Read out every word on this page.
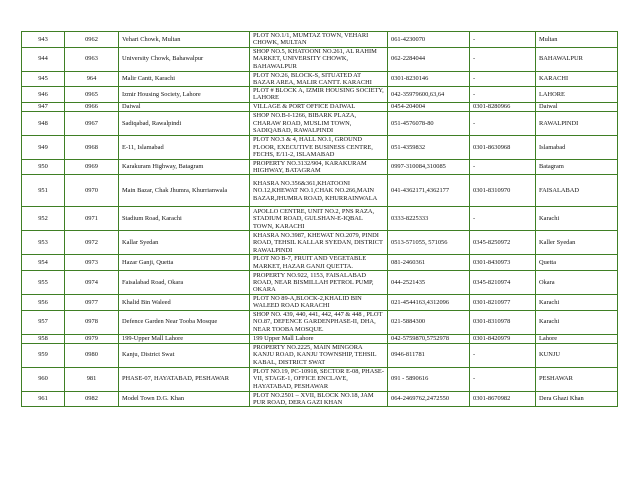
943	0962	Vehari Chowk, Multan	PLOT NO.1/1, MUMTAZ TOWN, VEHARI CHOWK, MULTAN	061-4230070	-	Multan
944	0963	University Chowk, Bahawalpur	SHOP NO.5, KHATOONI NO.261, AL RAHIM MARKET, UNIVERSITY CHOWK, BAHAWALPUR	062-2284044	-	BAHAWALPUR
945	964	Malir Cantt, Karachi	PLOT NO.26, BLOCK-S, SITUATED AT BAZAR AREA, MALIR CANTT. KARACHI	0301-8230146	-	KARACHI
946	0965	Izmir Housing Society, Lahore	PLOT # BLOCK A, IZMIR HOUSING SOCIETY, LAHORE	042-35979600,63,64	-	LAHORE
947	0966	Daiwal	VILLAGE & PORT OFFICE DAIWAL	0454-204004	0301-8280966	Daiwal
948	0967	Sadiqabad, Rawalpindi	SHOP NO.B-I-1266, BIBARK PLAZA, CHARAW ROAD, MUSLIM TOWN, SADIQABAD, RAWALPINDI	051-4576078-80	-	RAWALPINDI
949	0968	E-11, Islamabad	PLOT NO.3 & 4, HALL NO.1, GROUND FLOOR, EXECUTIVE BUSINESS CENTRE, FECHS, E/11-2, ISLAMABAD	051-4359832	0301-8630968	Islamabad
950	0969	Karakuram Highway, Batagram	PROPERTY NO.3132/904, KARAKURAM HIGHWAY, BATAGRAM	0997-310084,310085	-	Batagram
951	0970	Main Bazar, Chak Jhumra, Khurrianwala	KHASRA NO.356&361,KHATOONI NO.12,KHEWAT NO.1,CHAK NO.266,MAIN BAZAR,JHUMRA ROAD, KHURRAINWALA	041-4362171,4362177	0301-8310970	FAISALABAD
952	0971	Stadium Road, Karachi	APOLLO CENTRE, UNIT NO.2, PNS RAZA, STADIUM ROAD, GULSHAN-E-IQBAL TOWN, KARACHI	0333-8225333	-	Karachi
953	0972	Kallar Syedan	KHASRA NO.3987, KHEWAT NO.2079, PINDI ROAD, TEHSIL KALLAR SYEDAN, DISTRICT RAWALPINDI	0513-571055, 571056	0345-8250972	Kaller Syedan
954	0973	Hazar Ganji, Quetta	PLOT NO B-7, FRUIT AND VEGETABLE MARKET, HAZAR GANJI QUETTA.	081-2460361	0301-8430973	Quetta
955	0974	Faisalabad Road, Okara	PROPERTY NO.922, 1153, FAISALABAD ROAD, NEAR BISMILLAH PETROL PUMP, OKARA	044-2521435	0345-8210974	Okara
956	0977	Khalid Bin Waleed	PLOT NO 89-A,BLOCK-2,KHALID BIN WALEED ROAD KARACHI	021-4544163,4312096	0301-8210977	Karachi
957	0978	Defence Garden Near Tooba Mosque	SHOP NO. 439, 440, 441, 442, 447 & 448 , PLOT NO.87, DEFENCE GARDENPHASE-II, DHA, NEAR TOOBA MOSQUE.	021-5884300	0301-8310978	Karachi
958	0979	199-Upper Mall Lahore	199 Upper Mall Lahore	042-5759870,5752978	0301-8420979	Lahore
959	0980	Kanju, District Swat	PROPERTY NO.2225, MAIN MINGORA KANJU ROAD, KANJU TOWNSHIP, TEHSIL KABAL, DISTRICT SWAT	0946-811781	-	KUNJU
960	981	PHASE-07, HAYATABAD, PESHAWAR	PLOT NO.19, PC-10918, SECTOR E-08, PHASE-VII, STAGE-1, OFFICE ENCLAVE, HAYATABAD, PESHAWAR	091 - 5890616	-	PESHAWAR
961	0982	Model Town D.G. Khan	PLOT NO.2501 – XVII, BLOCK NO.18, JAM PUR ROAD, DERA GAZI KHAN	064-2469762,2472550	0301-8670982	Dera Ghazi Khan
